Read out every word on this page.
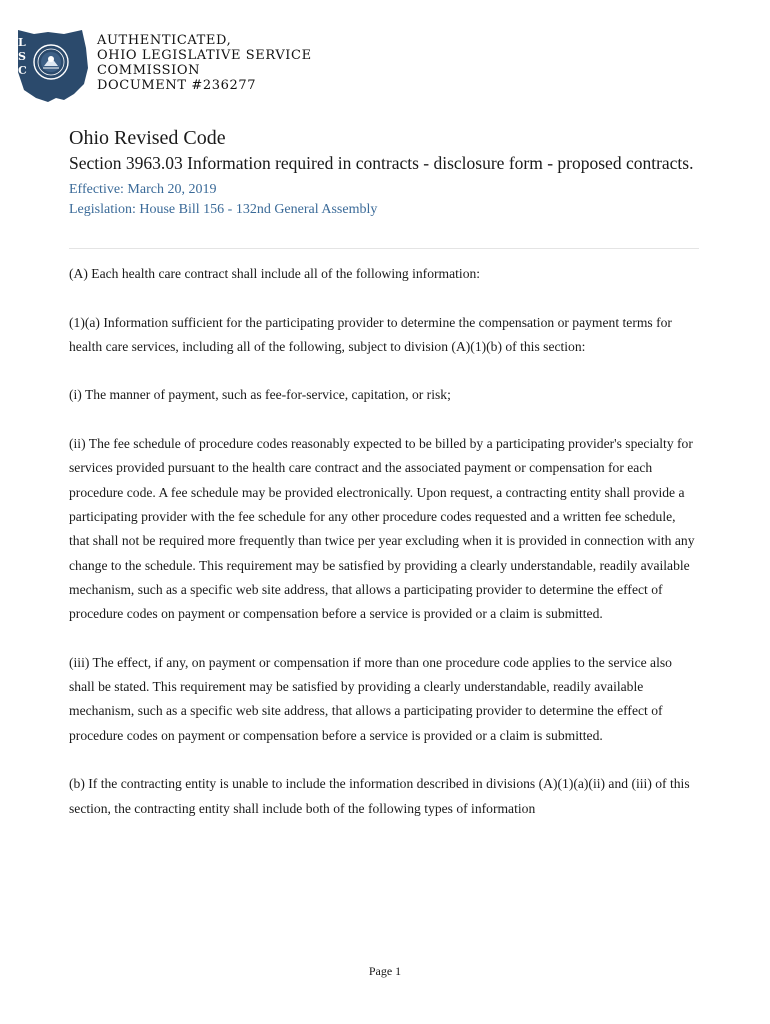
L
S
C
AUTHENTICATED,
OHIO LEGISLATIVE SERVICE
COMMISSION
DOCUMENT #236277
Ohio Revised Code
Section 3963.03 Information required in contracts - disclosure form - proposed contracts.
Effective: March 20, 2019
Legislation: House Bill 156 - 132nd General Assembly

(A) Each health care contract shall include all of the following information:

(1)(a) Information sufficient for the participating provider to determine the compensation or payment terms for health care services, including all of the following, subject to division (A)(1)(b) of this section:

(i) The manner of payment, such as fee-for-service, capitation, or risk;

(ii) The fee schedule of procedure codes reasonably expected to be billed by a participating provider's specialty for services provided pursuant to the health care contract and the associated payment or compensation for each procedure code. A fee schedule may be provided electronically. Upon request, a contracting entity shall provide a participating provider with the fee schedule for any other procedure codes requested and a written fee schedule, that shall not be required more frequently than twice per year excluding when it is provided in connection with any change to the schedule. This requirement may be satisfied by providing a clearly understandable, readily available mechanism, such as a specific web site address, that allows a participating provider to determine the effect of procedure codes on payment or compensation before a service is provided or a claim is submitted.

(iii) The effect, if any, on payment or compensation if more than one procedure code applies to the service also shall be stated. This requirement may be satisfied by providing a clearly understandable, readily available mechanism, such as a specific web site address, that allows a participating provider to determine the effect of procedure codes on payment or compensation before a service is provided or a claim is submitted.

(b) If the contracting entity is unable to include the information described in divisions (A)(1)(a)(ii) and (iii) of this section, the contracting entity shall include both of the following types of information

Page 1
